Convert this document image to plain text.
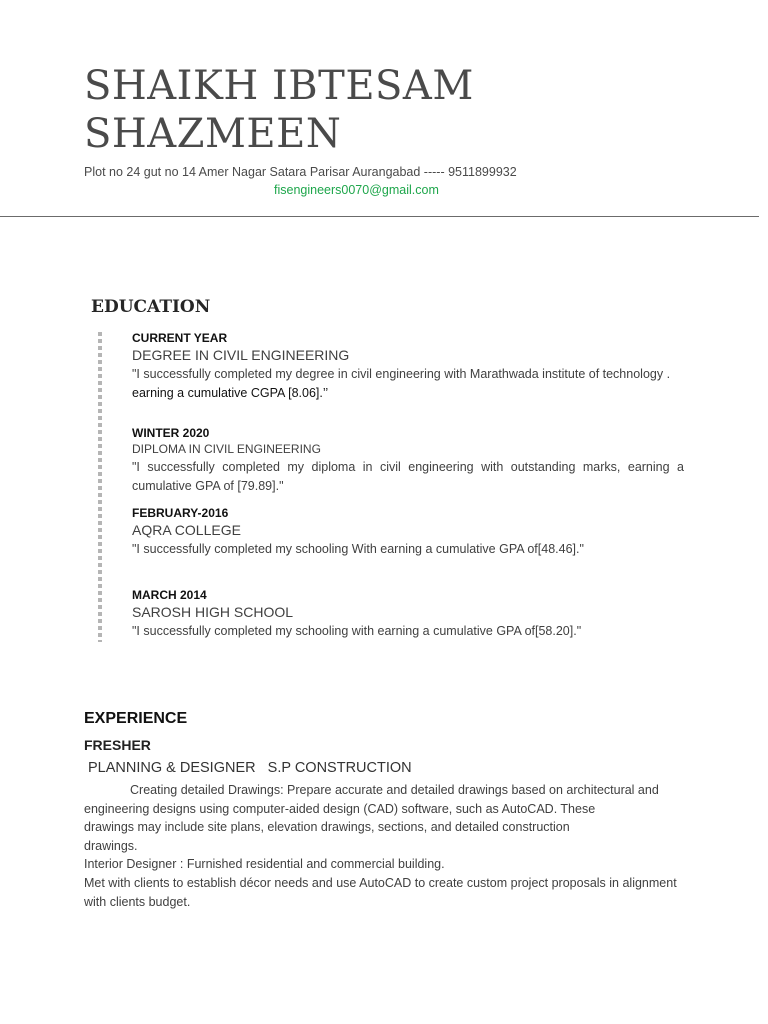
SHAIKH IBTESAM
SHAZMEEN
Plot no 24 gut no 14 Amer Nagar Satara Parisar Aurangabad ----- 9511899932
fisengineers0070@gmail.com
EDUCATION
CURRENT YEAR
DEGREE IN CIVIL ENGINEERING
"I successfully completed my degree in civil engineering with Marathwada institute of technology .
earning a cumulative CGPA [8.06].’’
WINTER 2020
DIPLOMA IN CIVIL ENGINEERING
"I successfully completed my diploma in civil engineering with outstanding marks, earning a cumulative GPA of [79.89]."
FEBRUARY-2016
AQRA COLLEGE
"I successfully completed my schooling With earning a cumulative GPA of[48.46]."
MARCH 2014
SAROSH HIGH SCHOOL
"I successfully completed my schooling with earning a cumulative GPA of[58.20]."
EXPERIENCE
FRESHER
PLANNING & DESIGNER   S.P CONSTRUCTION

Creating detailed Drawings: Prepare accurate and detailed drawings based on architectural and engineering designs using computer-aided design (CAD) software, such as AutoCAD. These

drawings may include site plans, elevation drawings, sections, and detailed construction drawings.

Interior Designer : Furnished residential and commercial building.

Met with clients to establish décor needs and use AutoCAD to create custom project proposals in alignment with clients budget.
